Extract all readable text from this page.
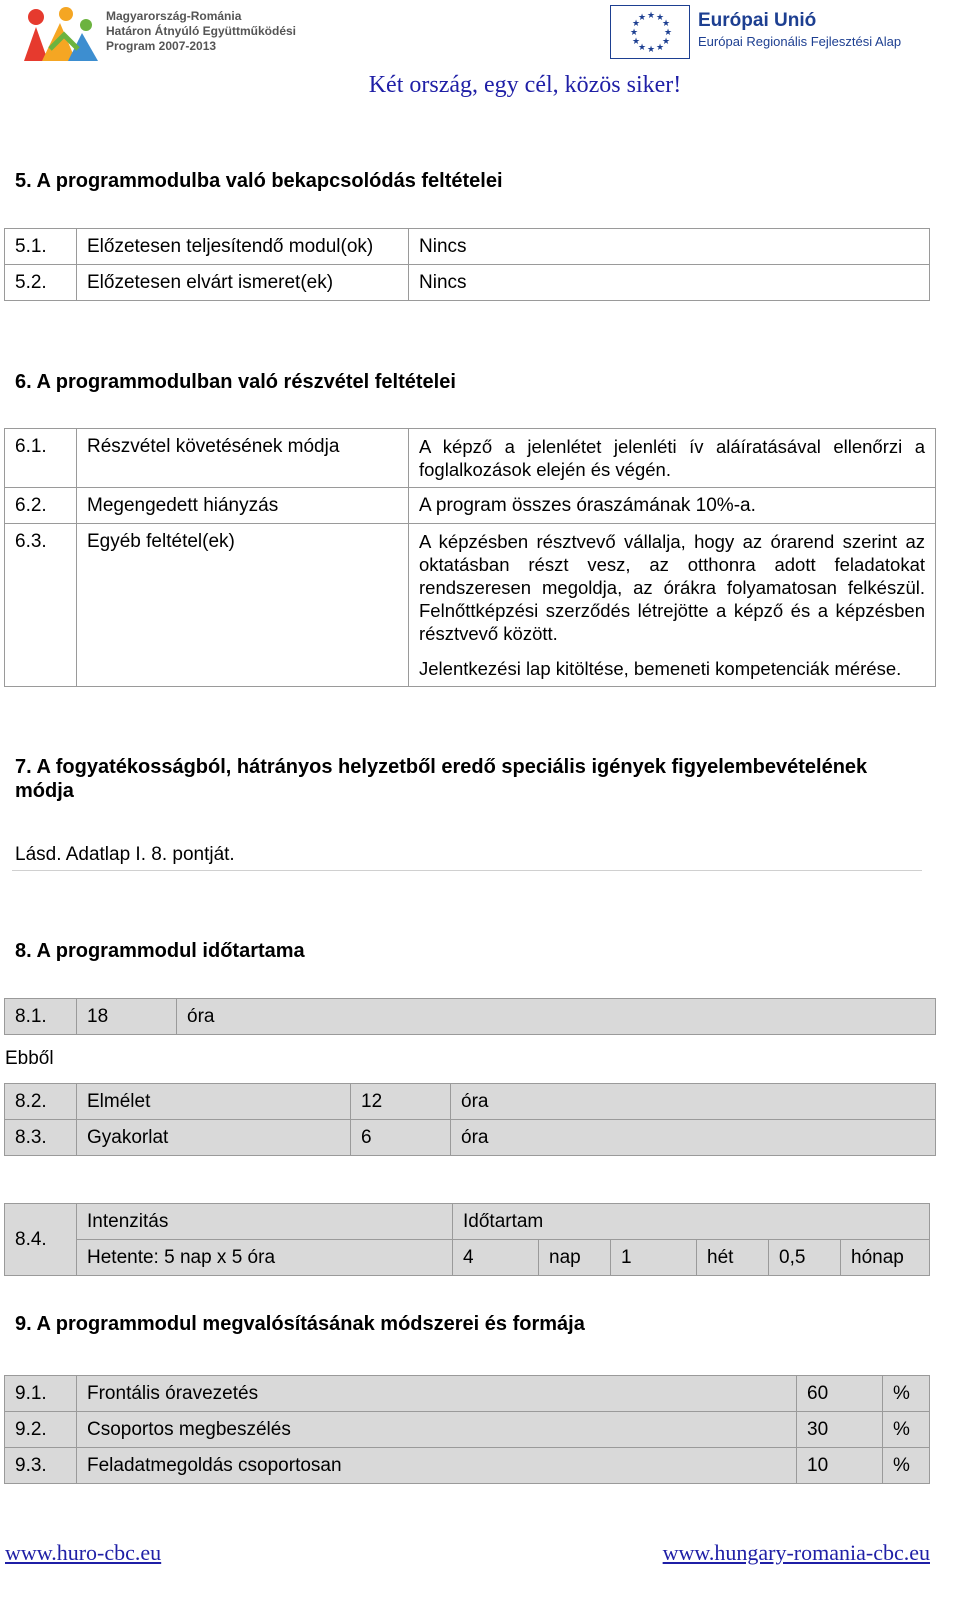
Magyarország-Románia
Határon Átnyúló Együttműködési
Program 2007-2013
★ ★
★
★
★
★
★
★
★
★
★
★	Európai Unió
Európai Regionális Fejlesztési Alap
Két ország, egy cél, közös siker!
5. A programmodulba való bekapcsolódás feltételei
5.1.	Előzetesen teljesítendő modul(ok)	Nincs
5.2.	Előzetesen elvárt ismeret(ek)	Nincs
6. A programmodulban való részvétel feltételei
6.1.	Részvétel követésének módja	A képző a jelenlétet jelenléti ív aláíratásával ellenőrzi a foglalkozások elején és végén.
6.2.	Megengedett hiányzás	A program összes óraszámának 10%-a.
6.3.	Egyéb feltétel(ek)	A képzésben résztvevő vállalja, hogy az órarend szerint az oktatásban részt vesz, az otthonra adott feladatokat rendszeresen megoldja, az órákra folyamatosan felkészül. Felnőttképzési szerződés létrejötte a képző és a képzésben résztvevő között.
Jelentkezési lap kitöltése, bemeneti kompetenciák mérése.
7. A fogyatékosságból, hátrányos helyzetből eredő speciális igények figyelembevételének módja
Lásd. Adatlap I. 8. pontját.
8. A programmodul időtartama
8.1.	18	óra
Ebből
8.2.	Elmélet	12	óra
8.3.	Gyakorlat	6	óra
8.4.	Intenzitás	Időtartam					
	Hetente: 5 nap x 5 óra	4	nap	1	hét	0,5	hónap
9. A programmodul megvalósításának módszerei és formája
9.1.	Frontális óravezetés	60	%
9.2.	Csoportos megbeszélés	30	%
9.3.	Feladatmegoldás csoportosan	10	%
www.huro-cbc.eu	www.hungary-romania-cbc.eu
